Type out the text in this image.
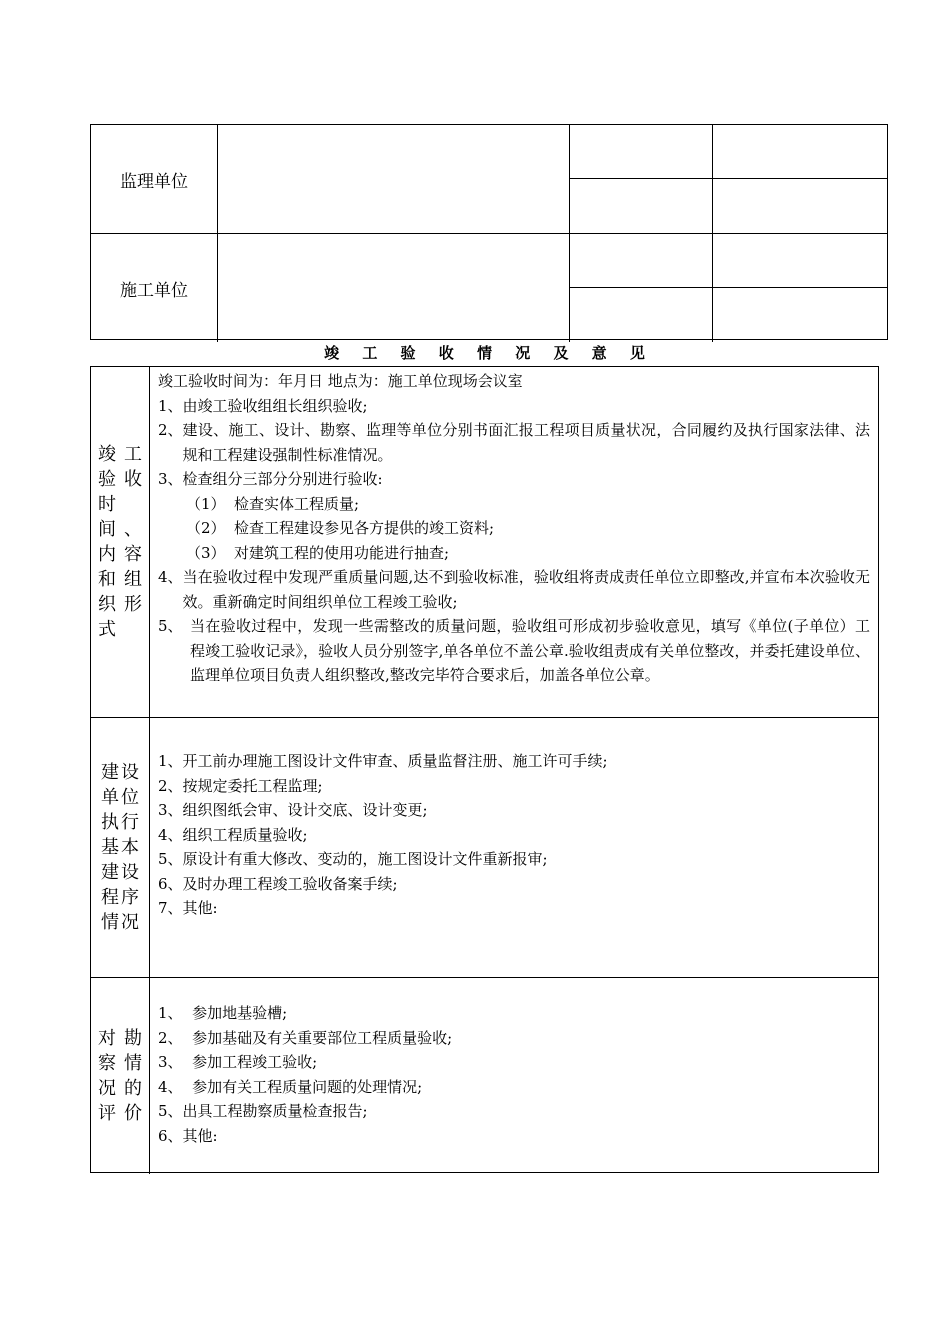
监理单位
施工单位
竣 工 验 收 情 况 及 意 见
竣工验收时间、内容和组织形式

竣工验收时间为：年月日 地点为：施工单位现场会议室

1、 由竣工验收组组长组织验收;
2、 建设、施工、设计、勘察、监理等单位分别书面汇报工程项目质量状况，合同履约及执行国家法律、法规和工程建设强制性标准情况。
3、 检查组分三部分分别进行验收:
（1） 检查实体工程质量;
（2） 检查工程建设参见各方提供的竣工资料;
（3） 对建筑工程的使用功能进行抽查;
4、 当在验收过程中发现严重质量问题,达不到验收标准，验收组将责成责任单位立即整改,并宣布本次验收无效。重新确定时间组织单位工程竣工验收;
5、 当在验收过程中，发现一些需整改的质量问题，验收组可形成初步验收意见，填写《单位(子单位）工程竣工验收记录》，验收人员分别签字,单各单位不盖公章.验收组责成有关单位整改，并委托建设单位、监理单位项目负责人组织整改,整改完毕符合要求后，加盖各单位公章。
建设单位执行基本建设程序情况

1、开工前办理施工图设计文件审查、质量监督注册、施工许可手续;

2、按规定委托工程监理;

3、组织图纸会审、设计交底、设计变更;

4、组织工程质量验收;

5、原设计有重大修改、变动的，施工图设计文件重新报审;

6、及时办理工程竣工验收备案手续;

7、其他:

对勘察情况的评价

1、  参加地基验槽;

2、  参加基础及有关重要部位工程质量验收;

3、  参加工程竣工验收;

4、  参加有关工程质量问题的处理情况;

5、出具工程勘察质量检查报告;

6、其他:
